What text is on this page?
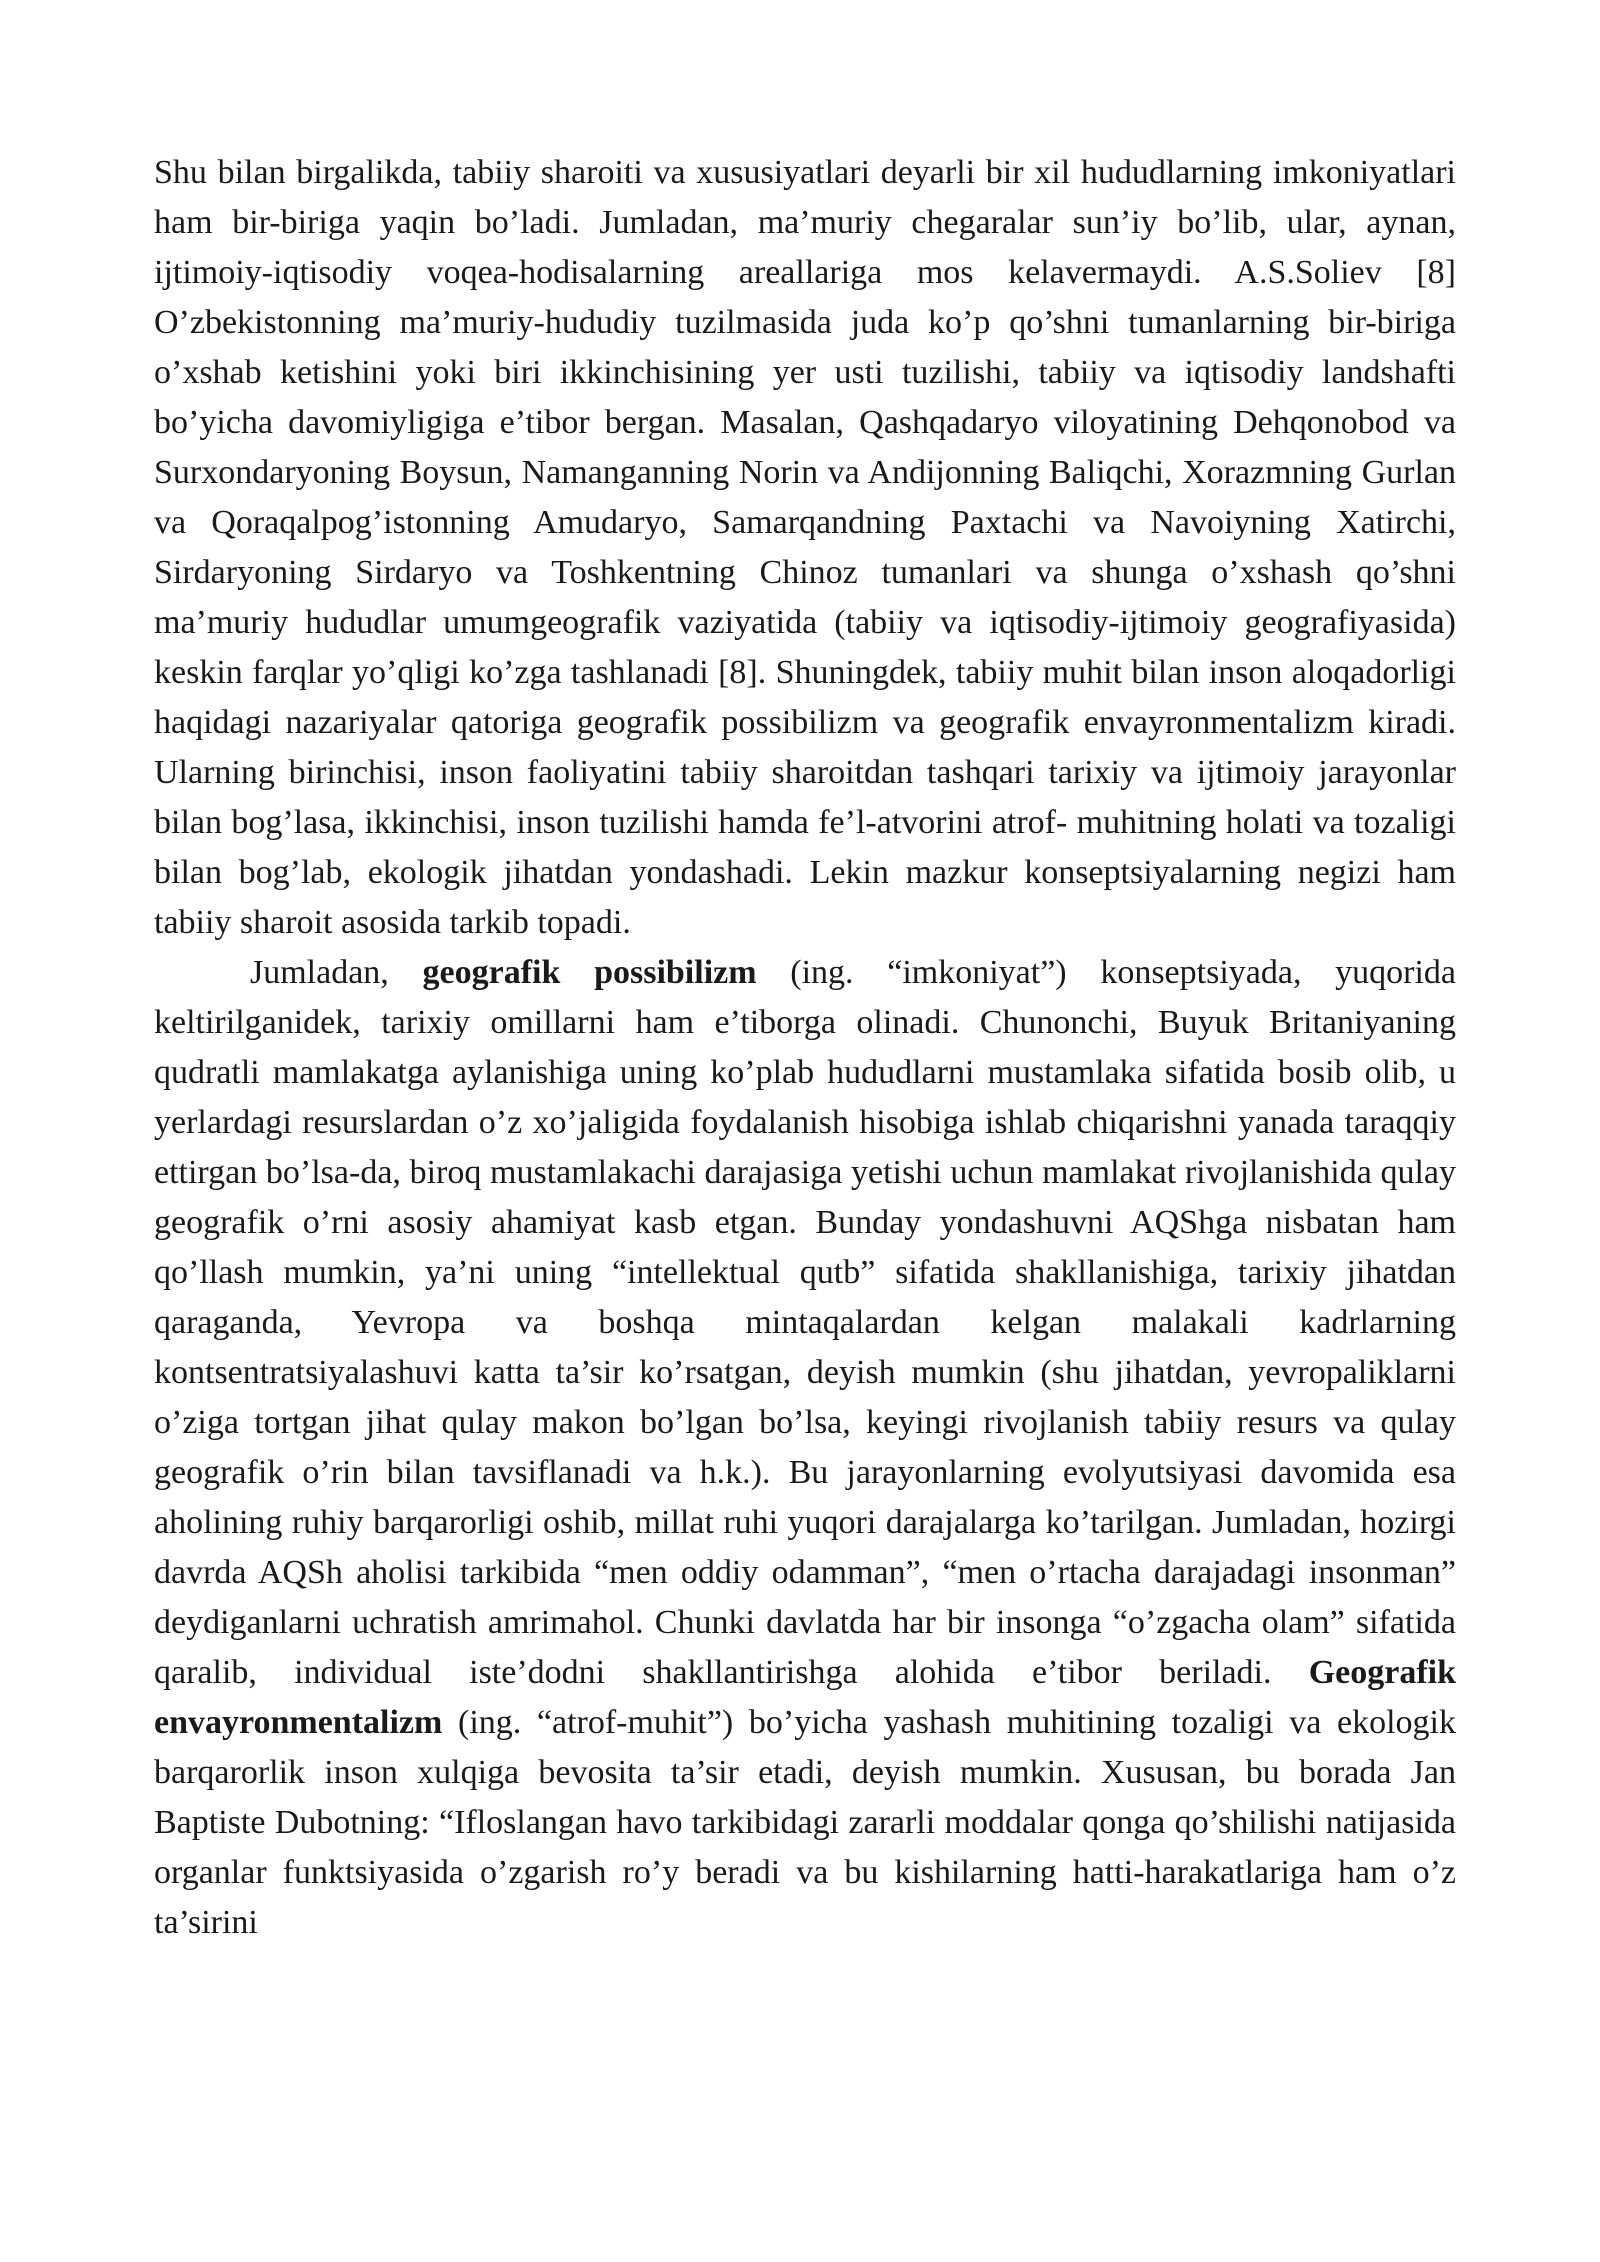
Shu bilan birgalikda, tabiiy sharoiti va xususiyatlari deyarli bir xil hududlarning imkoniyatlari ham bir-biriga yaqin bo’ladi. Jumladan, ma’muriy chegaralar sun’iy bo’lib, ular, aynan, ijtimoiy-iqtisodiy voqea-hodisalarning areallariga mos kelavermaydi. A.S.Soliev [8] O’zbekistonning ma’muriy-hududiy tuzilmasida juda ko’p qo’shni tumanlarning bir-biriga o’xshab ketishini yoki biri ikkinchisining yer usti tuzilishi, tabiiy va iqtisodiy landshafti bo’yicha davomiyligiga e’tibor bergan. Masalan, Qashqadaryo viloyatining Dehqonobod va Surxondaryoning Boysun, Namanganning Norin va Andijonning Baliqchi, Xorazmning Gurlan va Qoraqalpog’istonning Amudaryo, Samarqandning Paxtachi va Navoiyning Xatirchi, Sirdaryoning Sirdaryo va Toshkentning Chinoz tumanlari va shunga o’xshash qo’shni ma’muriy hududlar umumgeografik vaziyatida (tabiiy va iqtisodiy-ijtimoiy geografiyasida) keskin farqlar yo’qligi ko’zga tashlanadi [8]. Shuningdek, tabiiy muhit bilan inson aloqadorligi haqidagi nazariyalar qatoriga geografik possibilizm va geografik envayronmentalizm kiradi. Ularning birinchisi, inson faoliyatini tabiiy sharoitdan tashqari tarixiy va ijtimoiy jarayonlar bilan bog’lasa, ikkinchisi, inson tuzilishi hamda fe’l-atvorini atrof- muhitning holati va tozaligi bilan bog’lab, ekologik jihatdan yondashadi. Lekin mazkur konseptsiyalarning negizi ham tabiiy sharoit asosida tarkib topadi.

Jumladan, geografik possibilizm (ing. “imkoniyat”) konseptsiyada, yuqorida keltirilganidek, tarixiy omillarni ham e’tiborga olinadi. Chunonchi, Buyuk Britaniyaning qudratli mamlakatga aylanishiga uning ko’plab hududlarni mustamlaka sifatida bosib olib, u yerlardagi resurslardan o’z xo’jaligida foydalanish hisobiga ishlab chiqarishni yanada taraqqiy ettirgan bo’lsa-da, biroq mustamlakachi darajasiga yetishi uchun mamlakat rivojlanishida qulay geografik o’rni asosiy ahamiyat kasb etgan. Bunday yondashuvni AQShga nisbatan ham qo’llash mumkin, ya’ni uning “intellektual qutb” sifatida shakllanishiga, tarixiy jihatdan qaraganda, Yevropa va boshqa mintaqalardan kelgan malakali kadrlarning kontsentratsiyalashuvi katta ta’sir ko’rsatgan, deyish mumkin (shu jihatdan, yevropaliklarni o’ziga tortgan jihat qulay makon bo’lgan bo’lsa, keyingi rivojlanish tabiiy resurs va qulay geografik o’rin bilan tavsiflanadi va h.k.). Bu jarayonlarning evolyutsiyasi davomida esa aholining ruhiy barqarorligi oshib, millat ruhi yuqori darajalarga ko’tarilgan. Jumladan, hozirgi davrda AQSh aholisi tarkibida “men oddiy odamman”, “men o’rtacha darajadagi insonman” deydiganlarni uchratish amrimahol. Chunki davlatda har bir insonga “o’zgacha olam” sifatida qaralib, individual iste’dodni shakllantirishga alohida e’tibor beriladi. Geografik envayronmentalizm (ing. “atrof-muhit”) bo’yicha yashash muhitining tozaligi va ekologik barqarorlik inson xulqiga bevosita ta’sir etadi, deyish mumkin. Xususan, bu borada Jan Baptiste Dubotning: “Ifloslangan havo tarkibidagi zararli moddalar qonga qo’shilishi natijasida organlar funktsiyasida o’zgarish ro’y beradi va bu kishilarning hatti-harakatlariga ham o’z ta’sirini
